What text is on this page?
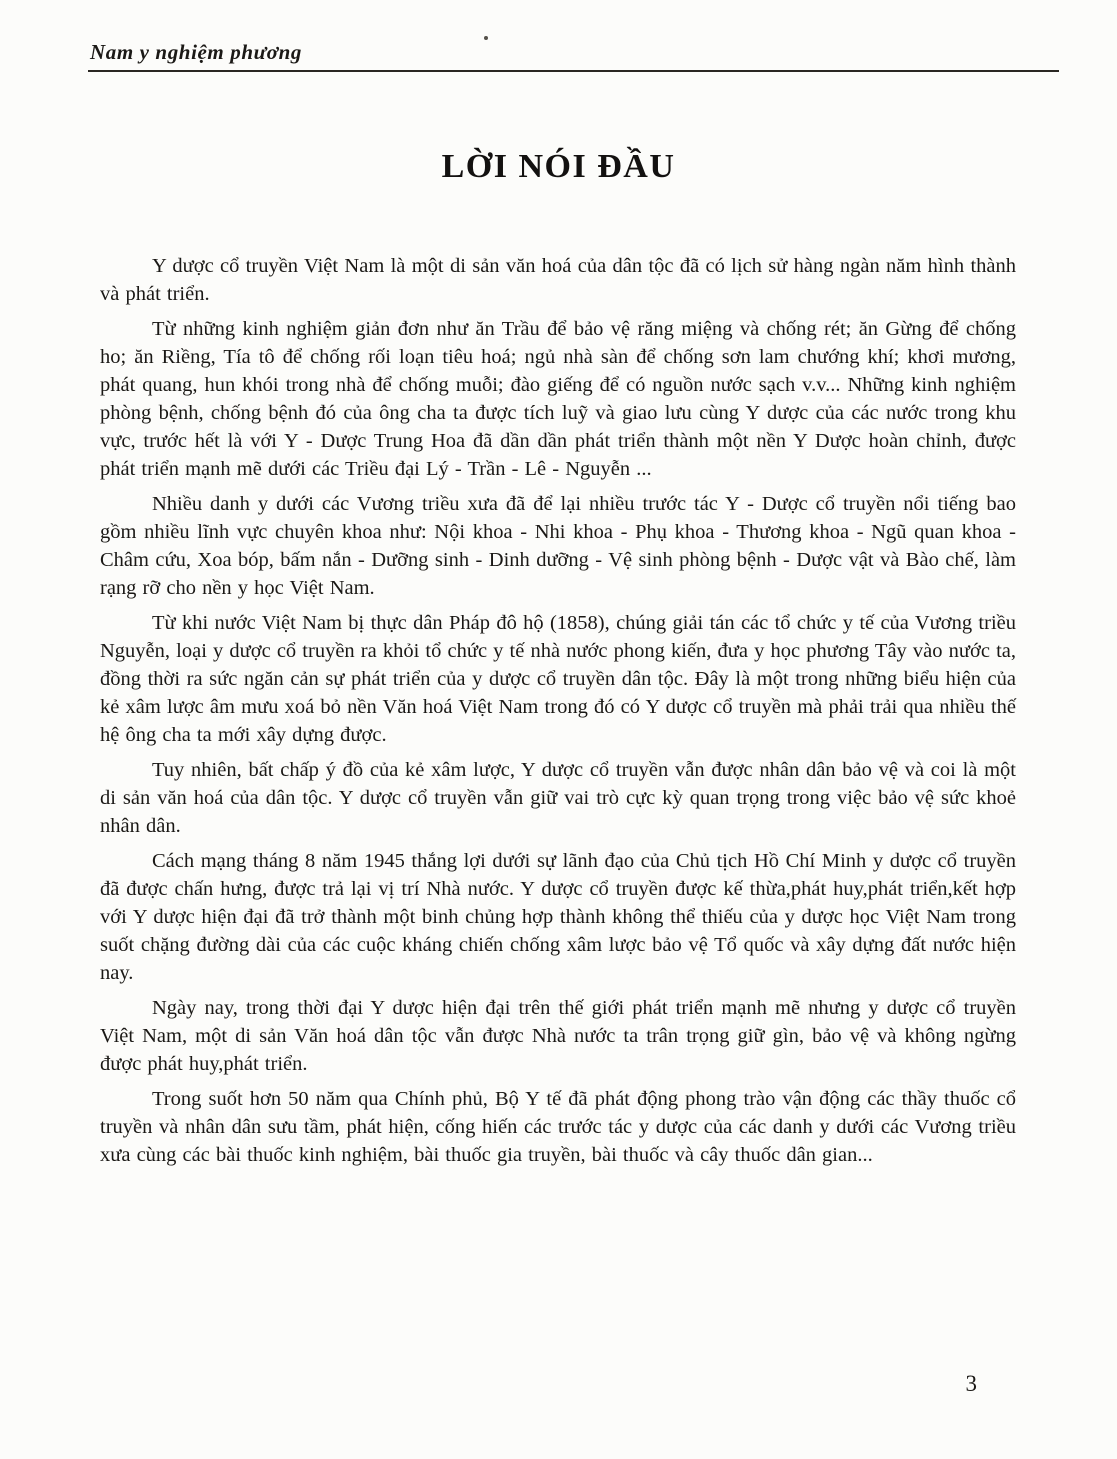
Nam y nghiệm phương
LỜI NÓI ĐẦU

Y dược cổ truyền Việt Nam là một di sản văn hoá của dân tộc đã có lịch sử hàng ngàn năm hình thành và phát triển.

Từ những kinh nghiệm giản đơn như ăn Trầu để bảo vệ răng miệng và chống rét; ăn Gừng để chống ho; ăn Riềng, Tía tô để chống rối loạn tiêu hoá; ngủ nhà sàn để chống sơn lam chướng khí; khơi mương, phát quang, hun khói trong nhà để chống muỗi; đào giếng để có nguồn nước sạch v.v... Những kinh nghiệm phòng bệnh, chống bệnh đó của ông cha ta được tích luỹ và giao lưu cùng Y dược của các nước trong khu vực, trước hết là với Y - Dược Trung Hoa đã dần dần phát triển thành một nền Y Dược hoàn chỉnh, được phát triển mạnh mẽ dưới các Triều đại Lý - Trần - Lê - Nguyễn ...

Nhiều danh y dưới các Vương triều xưa đã để lại nhiều trước tác Y - Dược cổ truyền nổi tiếng bao gồm nhiều lĩnh vực chuyên khoa như: Nội khoa - Nhi khoa - Phụ khoa - Thương khoa - Ngũ quan khoa - Châm cứu, Xoa bóp, bấm nắn - Dưỡng sinh - Dinh dưỡng - Vệ sinh phòng bệnh - Dược vật và Bào chế, làm rạng rỡ cho nền y học Việt Nam.

Từ khi nước Việt Nam bị thực dân Pháp đô hộ (1858), chúng giải tán các tổ chức y tế của Vương triều Nguyễn, loại y dược cổ truyền ra khỏi tổ chức y tế nhà nước phong kiến, đưa y học phương Tây vào nước ta, đồng thời ra sức ngăn cản sự phát triển của y dược cổ truyền dân tộc. Đây là một trong những biểu hiện của kẻ xâm lược âm mưu xoá bỏ nền Văn hoá Việt Nam trong đó có Y dược cổ truyền mà phải trải qua nhiều thế hệ ông cha ta mới xây dựng được.

Tuy nhiên, bất chấp ý đồ của kẻ xâm lược, Y dược cổ truyền vẫn được nhân dân bảo vệ và coi là một di sản văn hoá của dân tộc. Y dược cổ truyền vẫn giữ vai trò cực kỳ quan trọng trong việc bảo vệ sức khoẻ nhân dân.

Cách mạng tháng 8 năm 1945 thắng lợi dưới sự lãnh đạo của Chủ tịch Hồ Chí Minh y dược cổ truyền đã được chấn hưng, được trả lại vị trí Nhà nước. Y dược cổ truyền được kế thừa,phát huy,phát triển,kết hợp với Y dược hiện đại đã trở thành một binh chủng hợp thành không thể thiếu của y dược học Việt Nam trong suốt chặng đường dài của các cuộc kháng chiến chống xâm lược bảo vệ Tổ quốc và xây dựng đất nước hiện nay.

Ngày nay, trong thời đại Y dược hiện đại trên thế giới phát triển mạnh mẽ nhưng y dược cổ truyền Việt Nam, một di sản Văn hoá dân tộc vẫn được Nhà nước ta trân trọng giữ gìn, bảo vệ và không ngừng được phát huy,phát triển.

Trong suốt hơn 50 năm qua Chính phủ, Bộ Y tế đã phát động phong trào vận động các thầy thuốc cổ truyền và nhân dân sưu tầm, phát hiện, cống hiến các trước tác y dược của các danh y dưới các Vương triều xưa cùng các bài thuốc kinh nghiệm, bài thuốc gia truyền, bài thuốc và cây thuốc dân gian...

3
